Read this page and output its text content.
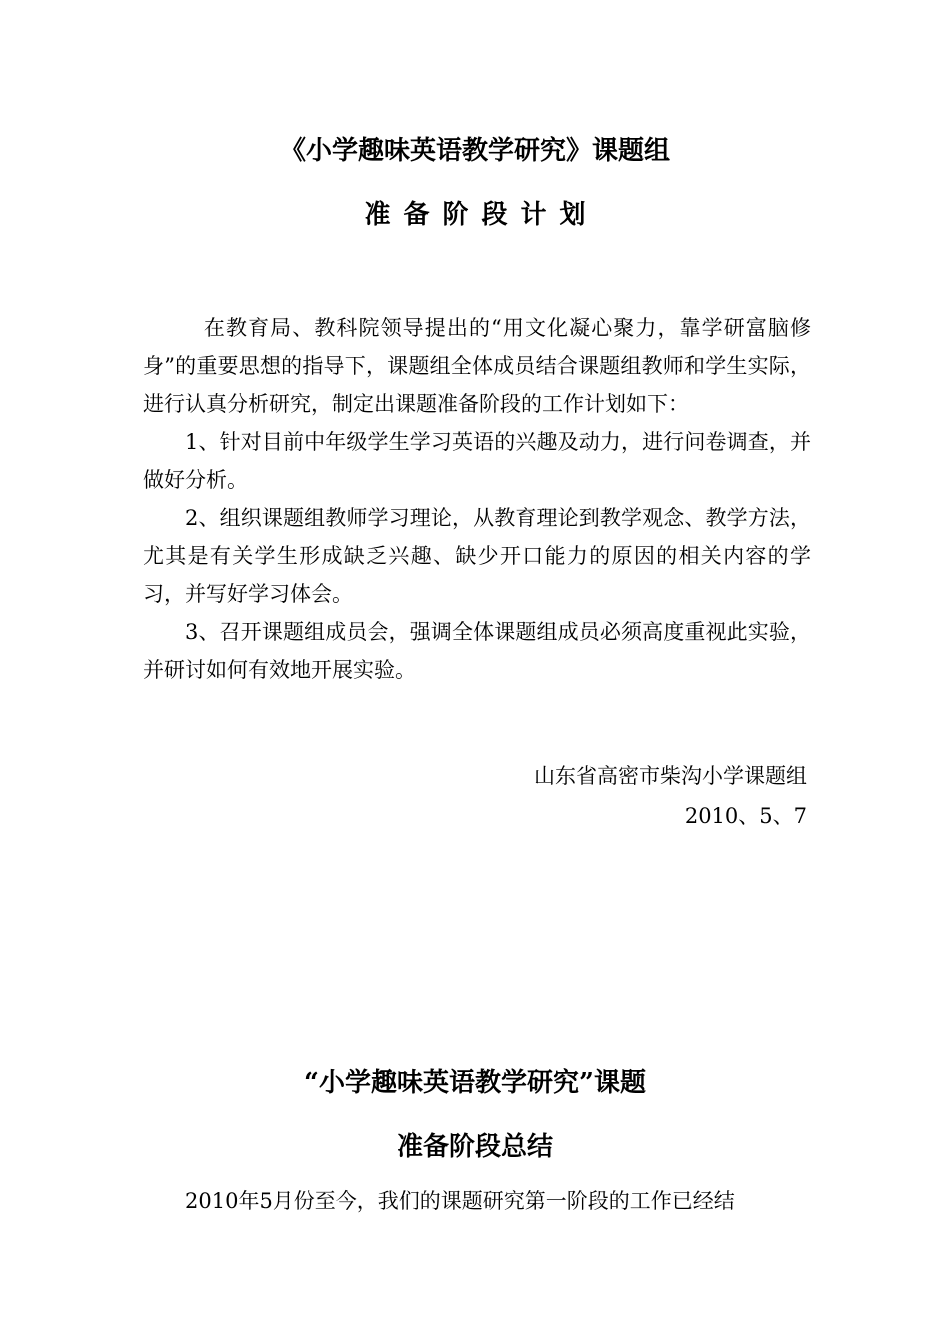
《小学趣味英语教学研究》课题组
准备阶段计划

在教育局、教科院领导提出的“用文化凝心聚力，靠学研富脑修身”的重要思想的指导下，课题组全体成员结合课题组教师和学生实际，进行认真分析研究，制定出课题准备阶段的工作计划如下：

1、针对目前中年级学生学习英语的兴趣及动力，进行问卷调查，并做好分析。

2、组织课题组教师学习理论，从教育理论到教学观念、教学方法，尤其是有关学生形成缺乏兴趣、缺少开口能力的原因的相关内容的学习，并写好学习体会。

3、召开课题组成员会，强调全体课题组成员必须高度重视此实验，并研讨如何有效地开展实验。

山东省高密市柴沟小学课题组
2010、5、7
“小学趣味英语教学研究”课题
准备阶段总结

2010年5月份至今，我们的课题研究第一阶段的工作已经结
